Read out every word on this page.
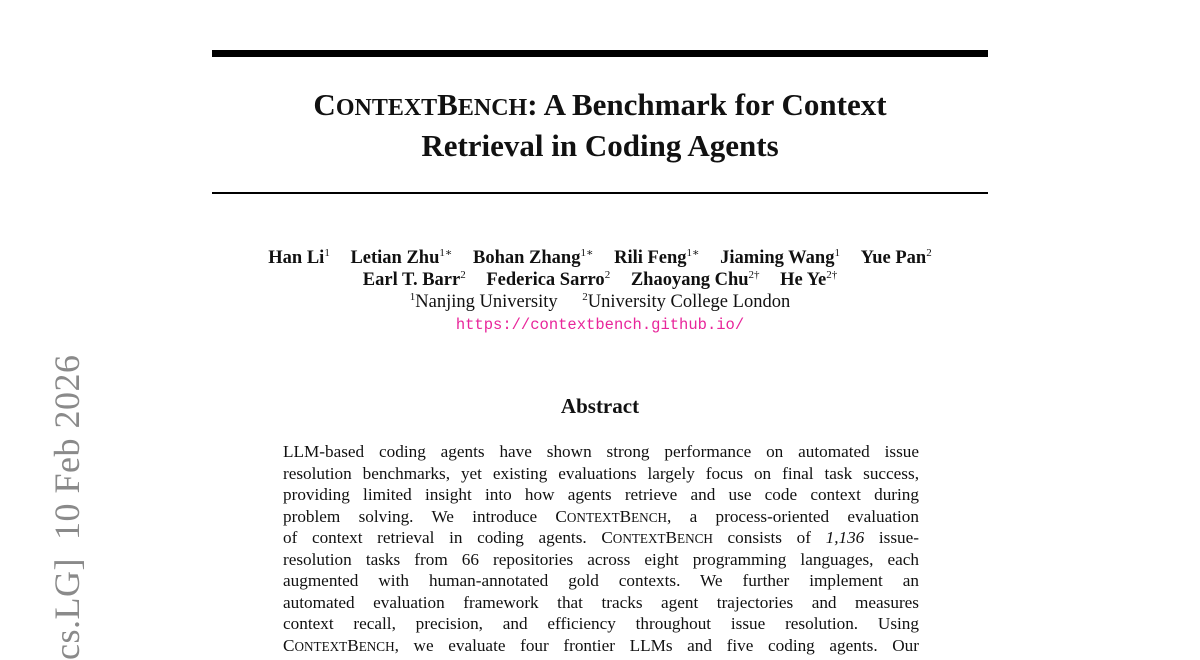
CONTEXTBENCH: A Benchmark for Context
Retrieval in Coding Agents
Han Li$^1$ Letian Zhu$^{1∗}$ Bohan Zhang$^{1∗}$ Rili Feng$^{1∗}$ Jiaming Wang$^1$ Yue Pan$^2$
Earl T. Barr$^2$ Federica Sarro$^2$ Zhaoyang Chu$^{2\dagger}$ He $Ye^{2\dagger}$
$^1$Nanjing University $^2$University College London
https://contextbench.github.io/
Abstract
LLM-based coding agents have shown strong performance on automated issue
resolution benchmarks, yet existing evaluations largely focus on final task success,
providing limited insight into how agents retrieve and use code context during
problem solving. We introduce CONTEXTBENCH, a process-oriented evaluation
of context retrieval in coding agents. CONTEXTBENCH consists of 1,136 issue-
resolution tasks from 66 repositories across eight programming languages, each
augmented with human-annotated gold contexts. We further implement an
automated evaluation framework that tracks agent trajectories and measures
context recall, precision, and efficiency throughout issue resolution. Using
CONTEXTBENCH, we evaluate four frontier LLMs and five coding agents. Our
cs.LG]10 Feb 2026
